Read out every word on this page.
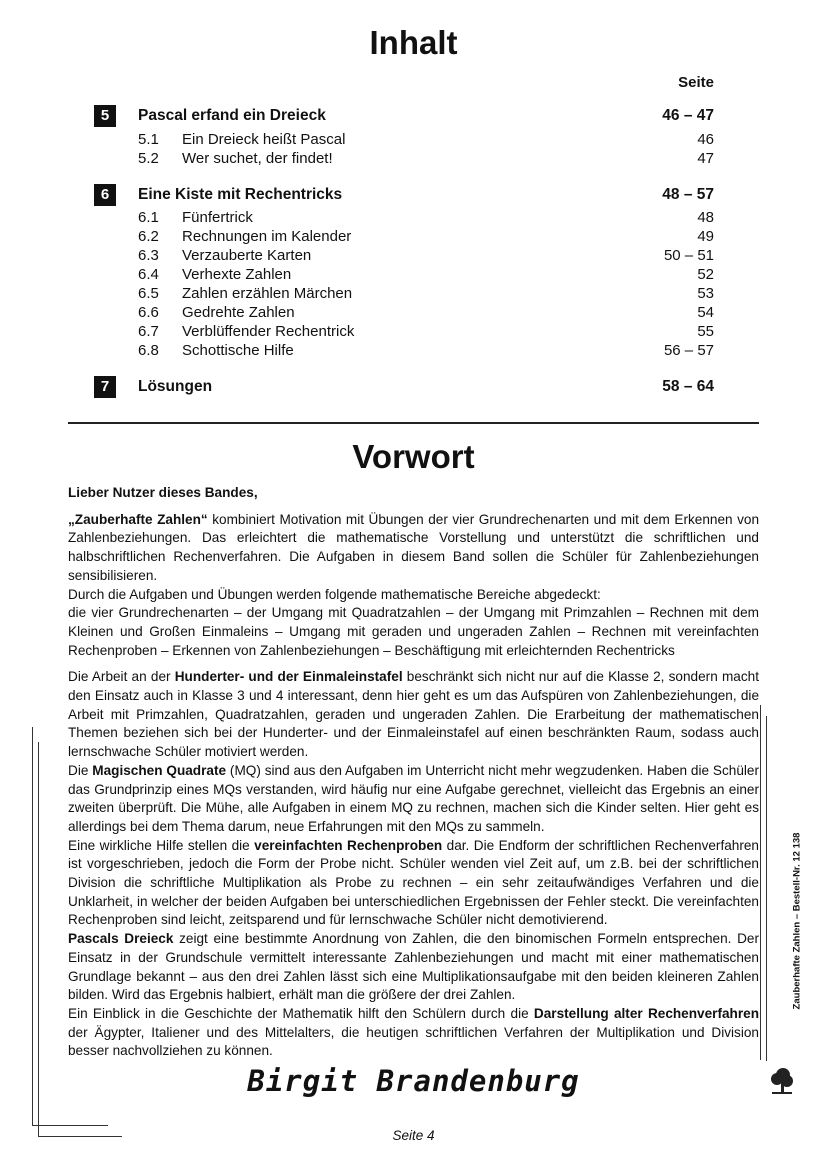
Inhalt
Seite
5	Pascal erfand ein Dreieck	46 – 47
5.1 Ein Dreieck heißt Pascal	46
5.2 Wer suchet, der findet!	47
6	Eine Kiste mit Rechentricks	48 – 57
6.1 Fünfertrick	48
6.2 Rechnungen im Kalender	49
6.3 Verzauberte Karten	50 – 51
6.4 Verhexte Zahlen	52
6.5 Zahlen erzählen Märchen	53
6.6 Gedrehte Zahlen	54
6.7 Verblüffender Rechentrick	55
6.8 Schottische Hilfe	56 – 57
7	Lösungen	58 – 64
Vorwort

Lieber Nutzer dieses Bandes,

„Zauberhafte Zahlen“ kombiniert Motivation mit Übungen der vier Grundrechenarten und mit dem Erkennen von Zahlenbeziehungen. Das erleichtert die mathematische Vorstellung und unterstützt die schriftlichen und halbschriftlichen Rechenverfahren. Die Aufgaben in diesem Band sollen die Schüler für Zahlenbeziehungen sensibilisieren.

Durch die Aufgaben und Übungen werden folgende mathematische Bereiche abgedeckt:

die vier Grundrechenarten – der Umgang mit Quadratzahlen – der Umgang mit Primzahlen – Rechnen mit dem Kleinen und Großen Einmaleins – Umgang mit geraden und ungeraden Zahlen – Rechnen mit vereinfachten Rechenproben – Erkennen von Zahlenbeziehungen – Beschäftigung mit erleichternden Rechentricks

Die Arbeit an der Hunderter- und der Einmaleinstafel beschränkt sich nicht nur auf die Klasse 2, sondern macht den Einsatz auch in Klasse 3 und 4 interessant, denn hier geht es um das Aufspüren von Zahlenbeziehungen, die Arbeit mit Primzahlen, Quadratzahlen, geraden und ungeraden Zahlen. Die Erarbeitung der mathematischen Themen beziehen sich bei der Hunderter- und der Einmaleinstafel auf einen beschränkten Raum, sodass auch lernschwache Schüler motiviert werden.

Die Magischen Quadrate (MQ) sind aus den Aufgaben im Unterricht nicht mehr wegzudenken. Haben die Schüler das Grundprinzip eines MQs verstanden, wird häufig nur eine Aufgabe gerechnet, vielleicht das Ergebnis an einer zweiten überprüft. Die Mühe, alle Aufgaben in einem MQ zu rechnen, machen sich die Kinder selten. Hier geht es allerdings bei dem Thema darum, neue Erfahrungen mit den MQs zu sammeln.

Eine wirkliche Hilfe stellen die vereinfachten Rechenproben dar. Die Endform der schriftlichen Rechenverfahren ist vorgeschrieben, jedoch die Form der Probe nicht. Schüler wenden viel Zeit auf, um z.B. bei der schriftlichen Division die schriftliche Multiplikation als Probe zu rechnen – ein sehr zeitaufwändiges Verfahren und die Unklarheit, in welcher der beiden Aufgaben bei unterschiedlichen Ergebnissen der Fehler steckt. Die vereinfachten Rechenproben sind leicht, zeitsparend und für lernschwache Schüler nicht demotivierend.

Pascals Dreieck zeigt eine bestimmte Anordnung von Zahlen, die den binomischen Formeln entsprechen. Der Einsatz in der Grundschule vermittelt interessante Zahlenbeziehungen und macht mit einer mathematischen Grundlage bekannt – aus den drei Zahlen lässt sich eine Multiplikationsaufgabe mit den beiden kleineren Zahlen bilden. Wird das Ergebnis halbiert, erhält man die größere der drei Zahlen.

Ein Einblick in die Geschichte der Mathematik hilft den Schülern durch die Darstellung alter Rechenverfahren der Ägypter, Italiener und des Mittelalters, die heutigen schriftlichen Verfahren der Multiplikation und Division besser nachvollziehen zu können.

Birgit Brandenburg
Zauberhafte Zahlen – Bestell-Nr. 12 138
Seite 4
